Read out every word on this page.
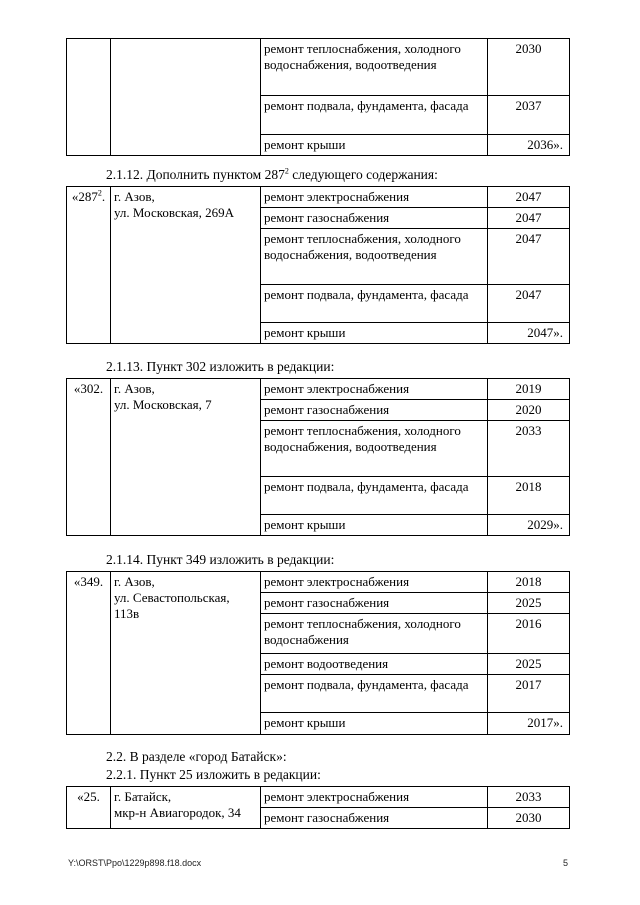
		ремонт теплоснабжения, холодного водоснабжения, водоотведения	2030
		ремонт подвала, фундамента, фасада	2037
		ремонт крыши	2036».
2.1.12. Дополнить пунктом $287^2$ следующего содержания:
«$287^2$.	г. Азов,
ул. Московская, 269А	ремонт электроснабжения	2047
		ремонт газоснабжения	2047
		ремонт теплоснабжения, холодного водоснабжения, водоотведения	2047
		ремонт подвала, фундамента, фасада	2047
		ремонт крыши	2047».
2.1.13. Пункт 302 изложить в редакции:
«302.	г. Азов,
ул. Московская, 7	ремонт электроснабжения	2019
		ремонт газоснабжения	2020
		ремонт теплоснабжения, холодного водоснабжения, водоотведения	2033
		ремонт подвала, фундамента, фасада	2018
		ремонт крыши	2029».
2.1.14. Пункт 349 изложить в редакции:
«349.	г. Азов,
ул. Севастопольская, 113в	ремонт электроснабжения	2018
		ремонт газоснабжения	2025
		ремонт теплоснабжения, холодного водоснабжения	2016
		ремонт водоотведения	2025
		ремонт подвала, фундамента, фасада	2017
		ремонт крыши	2017».
2.2. В разделе «город Батайск»:
2.2.1. Пункт 25 изложить в редакции:
«25.	г. Батайск,
мкр-н Авиагородок, 34	ремонт электроснабжения	2033
		ремонт газоснабжения	2030
Y:\ORST\Ppo\1229p898.f18.docx	5
